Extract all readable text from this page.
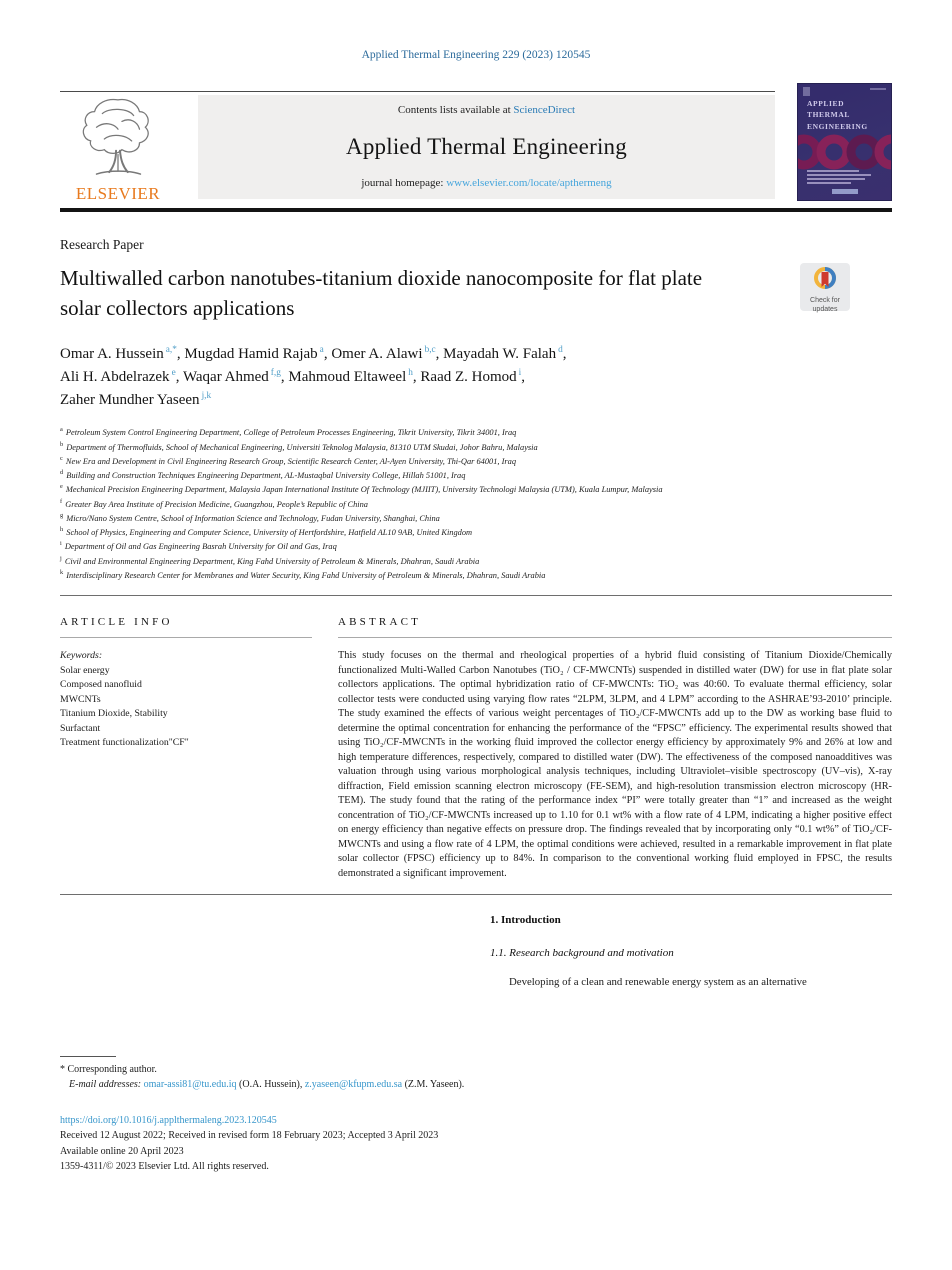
Applied Thermal Engineering 229 (2023) 120545
ELSEVIER
Contents lists available at ScienceDirect
Applied Thermal Engineering
journal homepage: www.elsevier.com/locate/apthermeng
APPLIED
THERMAL
ENGINEERING
Research Paper
Multiwalled carbon nanotubes-titanium dioxide nanocomposite for flat plate solar collectors applications	Check for
updates
Omar A. Hussein $^{a,*}$, Mugdad Hamid Rajab $^a$, Omer A. Alawi $^{b,c}$, Mayadah W. Falah $^d$,
Ali H. Abdelrazek $^e$, Waqar Ahmed $^{f,g}$, Mahmoud Eltaweel $^h$, Raad Z. Homod $^i$,
Zaher Mundher Yaseen $^{j,k}$
$^a$ Petroleum System Control Engineering Department, College of Petroleum Processes Engineering, Tikrit University, Tikrit 34001, Iraq
$^b$ Department of Thermofluids, School of Mechanical Engineering, Universiti Teknolog Malaysia, 81310 UTM Skudai, Johor Bahru, Malaysia
$^c$ New Era and Development in Civil Engineering Research Group, Scientific Research Center, Al-Ayen University, Thi-Qar 64001, Iraq
$^d$ Building and Construction Techniques Engineering Department, AL-Mustaqbal University College, Hillah 51001, Iraq
$^e$ Mechanical Precision Engineering Department, Malaysia Japan International Institute Of Technology (MJIIT), University Technologi Malaysia (UTM), Kuala Lumpur, Malaysia
$^f$ Greater Bay Area Institute of Precision Medicine, Guangzhou, People’s Republic of China
$^g$ Micro/Nano System Centre, School of Information Science and Technology, Fudan University, Shanghai, China
$^h$ School of Physics, Engineering and Computer Science, University of Hertfordshire, Hatfield AL10 9AB, United Kingdom
$^i$ Department of Oil and Gas Engineering Basrah University for Oil and Gas, Iraq
$^j$ Civil and Environmental Engineering Department, King Fahd University of Petroleum & Minerals, Dhahran, Saudi Arabia
$^k$ Interdisciplinary Research Center for Membranes and Water Security, King Fahd University of Petroleum & Minerals, Dhahran, Saudi Arabia
ARTICLE INFO
Keywords:
Solar energy
Composed nanofluid
MWCNTs
Titanium Dioxide, Stability
Surfactant
Treatment functionalization"CF"
ABSTRACT
This study focuses on the thermal and rheological properties of a hybrid fluid consisting of Titanium Dioxide/Chemically functionalized Multi-Walled Carbon Nanotubes (TiO₂ / CF-MWCNTs) suspended in distilled water (DW) for use in flat plate solar collectors applications. The optimal hybridization ratio of CF-MWCNTs: TiO₂ was 40:60. To evaluate thermal efficiency, solar collector tests were conducted using varying flow rates “2LPM, 3LPM, and 4 LPM” according to the ASHRAE’93-2010’ principle. The study examined the effects of various weight percentages of TiO₂/CF-MWCNTs add up to the DW as working base fluid to determine the optimal concentration for enhancing the performance of the “FPSC” efficiency. The experimental results showed that using TiO₂/CF-MWCNTs in the working fluid improved the collector energy efficiency by approximately 9% and 26% at low and high temperature differences, respectively, compared to distilled water (DW). The effectiveness of the composed nanoadditives was valuation through using various morphological analysis techniques, including Ultraviolet–visible spectroscopy (UV–vis), X-ray diffraction, Field emission scanning electron microscopy (FE-SEM), and high-resolution transmission electron microscopy (HR-TEM). The study found that the rating of the performance index “PI” were totally greater than “1” and increased as the weight concentration of TiO₂/CF-MWCNTs increased up to 1.10 for 0.1 wt% with a flow rate of 4 LPM, indicating a higher positive effect on energy efficiency than negative effects on pressure drop. The findings revealed that by incorporating only “0.1 wt%” of TiO₂/CF-MWCNTs and using a flow rate of 4 LPM, the optimal conditions were achieved, resulted in a remarkable improvement in flat plate solar collector (FPSC) efficiency up to 84%. In comparison to the conventional working fluid employed in FPSC, the results demonstrated a significant improvement.
1. Introduction
1.1. Research background and motivation
Developing of a clean and renewable energy system as an alternative
* Corresponding author.
E-mail addresses: omar-assi81@tu.edu.iq (O.A. Hussein), z.yaseen@kfupm.edu.sa (Z.M. Yaseen).
https://doi.org/10.1016/j.applthermaleng.2023.120545
Received 12 August 2022; Received in revised form 18 February 2023; Accepted 3 April 2023
Available online 20 April 2023
1359-4311/© 2023 Elsevier Ltd. All rights reserved.
